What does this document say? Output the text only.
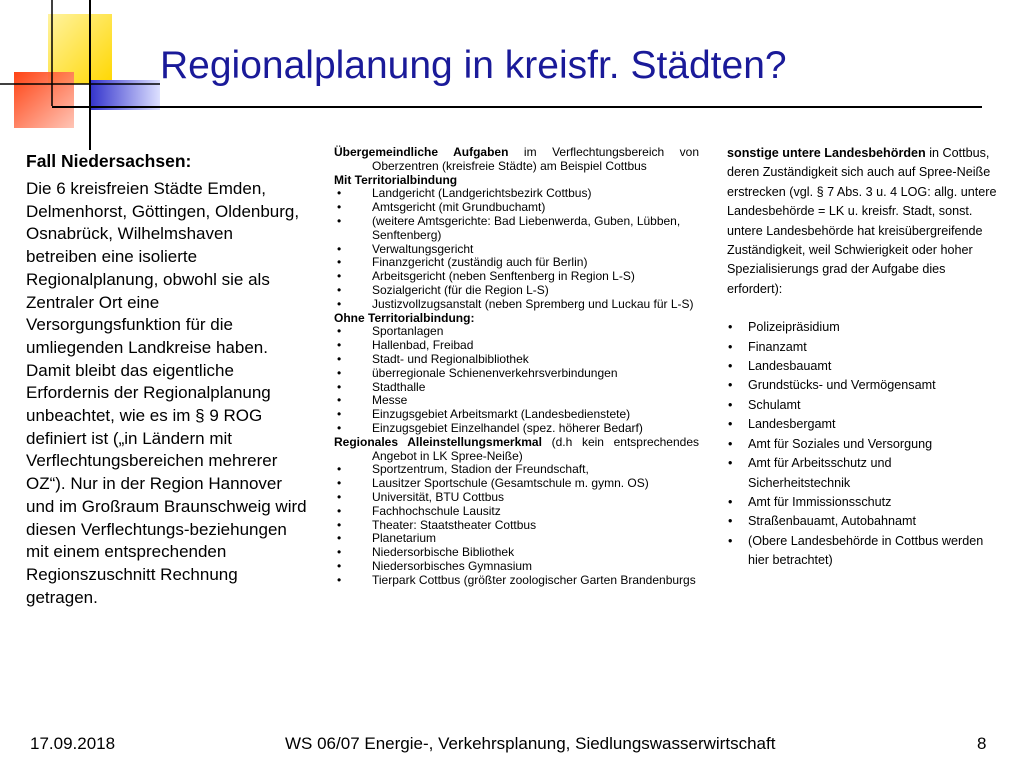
Regionalplanung in kreisfr. Städten?

Fall Niedersachsen:

Die 6 kreisfreien Städte Emden, Delmenhorst, Göttingen, Oldenburg, Osnabrück, Wilhelmshaven betreiben eine isolierte Regionalplanung, obwohl sie als Zentraler Ort eine Versorgungsfunktion für die umliegenden Landkreise haben. Damit bleibt das eigentliche Erfordernis der Regionalplanung unbeachtet, wie es im § 9 ROG definiert ist („in Ländern mit Verflechtungsbereichen mehrerer OZ“). Nur in der Region Hannover und im Großraum Braunschweig wird diesen Verflechtungs-beziehungen mit einem entsprechenden Regionszuschnitt Rechnung getragen.

Übergemeindliche Aufgaben im Verflechtungsbereich von Oberzentren (kreisfreie Städte) am Beispiel Cottbus

Mit Territorialbindung

•	Landgericht (Landgerichtsbezirk Cottbus)
•	Amtsgericht (mit Grundbuchamt)
•	(weitere Amtsgerichte: Bad Liebenwerda, Guben, Lübben, Senftenberg)
•	Verwaltungsgericht
•	Finanzgericht (zuständig auch für Berlin)
•	Arbeitsgericht (neben Senftenberg in Region L-S)
•	Sozialgericht (für die Region L-S)
•	Justizvollzugsanstalt (neben Spremberg und Luckau für L-S)

Ohne Territorialbindung:

•	Sportanlagen
•	Hallenbad, Freibad
•	Stadt- und Regionalbibliothek
•	überregionale Schienenverkehrsverbindungen
•	Stadthalle
•	Messe
•	Einzugsgebiet Arbeitsmarkt (Landesbedienstete)
•	Einzugsgebiet Einzelhandel (spez. höherer Bedarf)

Regionales Alleinstellungsmerkmal (d.h kein entsprechendes Angebot in LK Spree-Neiße)

•	Sportzentrum, Stadion der Freundschaft,
•	Lausitzer Sportschule (Gesamtschule m. gymn. OS)
•	Universität, BTU Cottbus
•	Fachhochschule Lausitz
•	Theater: Staatstheater Cottbus
•	Planetarium
•	Niedersorbische Bibliothek
•	Niedersorbisches Gymnasium
•	Tierpark Cottbus (größter zoologischer Garten Brandenburgs

sonstige untere Landesbehörden in Cottbus, deren Zuständigkeit sich auch auf Spree-Neiße erstrecken (vgl. § 7 Abs. 3 u. 4 LOG: allg. untere Landesbehörde = LK u. kreisfr. Stadt, sonst. untere Landesbehörde hat kreisübergreifende Zuständigkeit, weil Schwierigkeit oder hoher Spezialisierungs grad der Aufgabe dies erfordert):

• Polizeipräsidium
• Finanzamt
• Landesbauamt
• Grundstücks- und Vermögensamt
• Schulamt
• Landesbergamt
• Amt für Soziales und Versorgung
• Amt für Arbeitsschutz und Sicherheitstechnik
• Amt für Immissionsschutz
• Straßenbauamt, Autobahnamt
• (Obere Landesbehörde in Cottbus werden hier betrachtet)
17.09.2018	WS 06/07 Energie-, Verkehrsplanung, Siedlungswasserwirtschaft	8
